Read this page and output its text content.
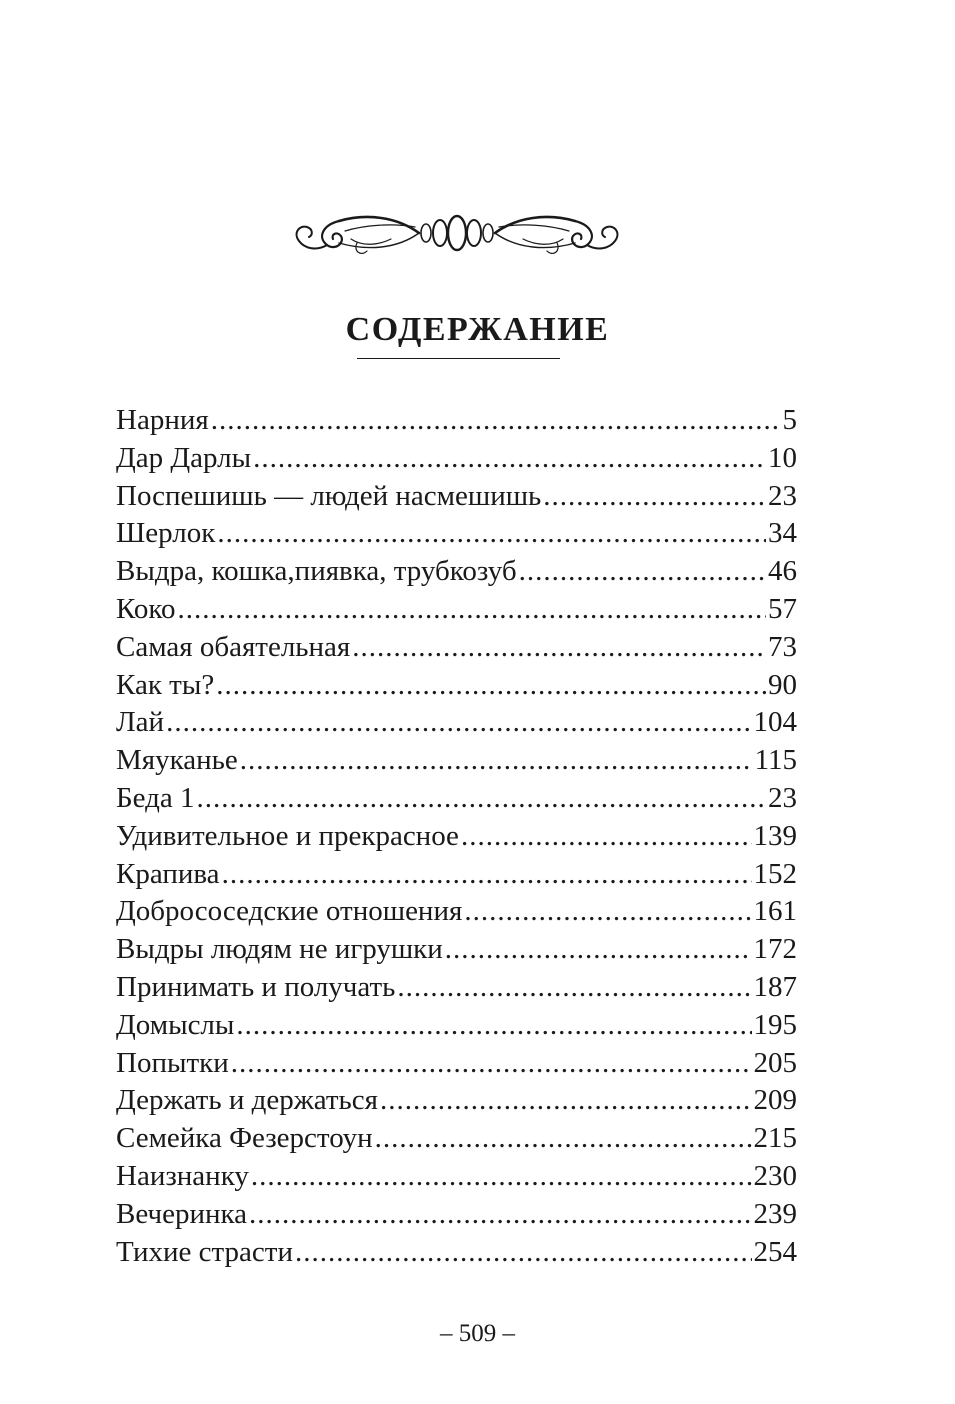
СОДЕРЖАНИЕ
Нарния .....	5
Дар Дарлы .....	10
Поспешишь — людей насмешишь .....	23
Шерлок .....	34
Выдра, кошка,пиявка, трубкозуб .....	46
Коко .....	57
Самая обаятельная .....	73
Как ты? .....	90
Лай .....	104
Мяуканье .....	115
Беда 1 .....	23
Удивительное и прекрасное .....	139
Крапива .....	152
Добрососедские отношения .....	161
Выдры людям не игрушки .....	172
Принимать и получать .....	187
Домыслы .....	195
Попытки .....	205
Держать и держаться .....	209
Семейка Фезерстоун .....	215
Наизнанку .....	230
Вечеринка .....	239
Тихие страсти .....	254
– 509 –
